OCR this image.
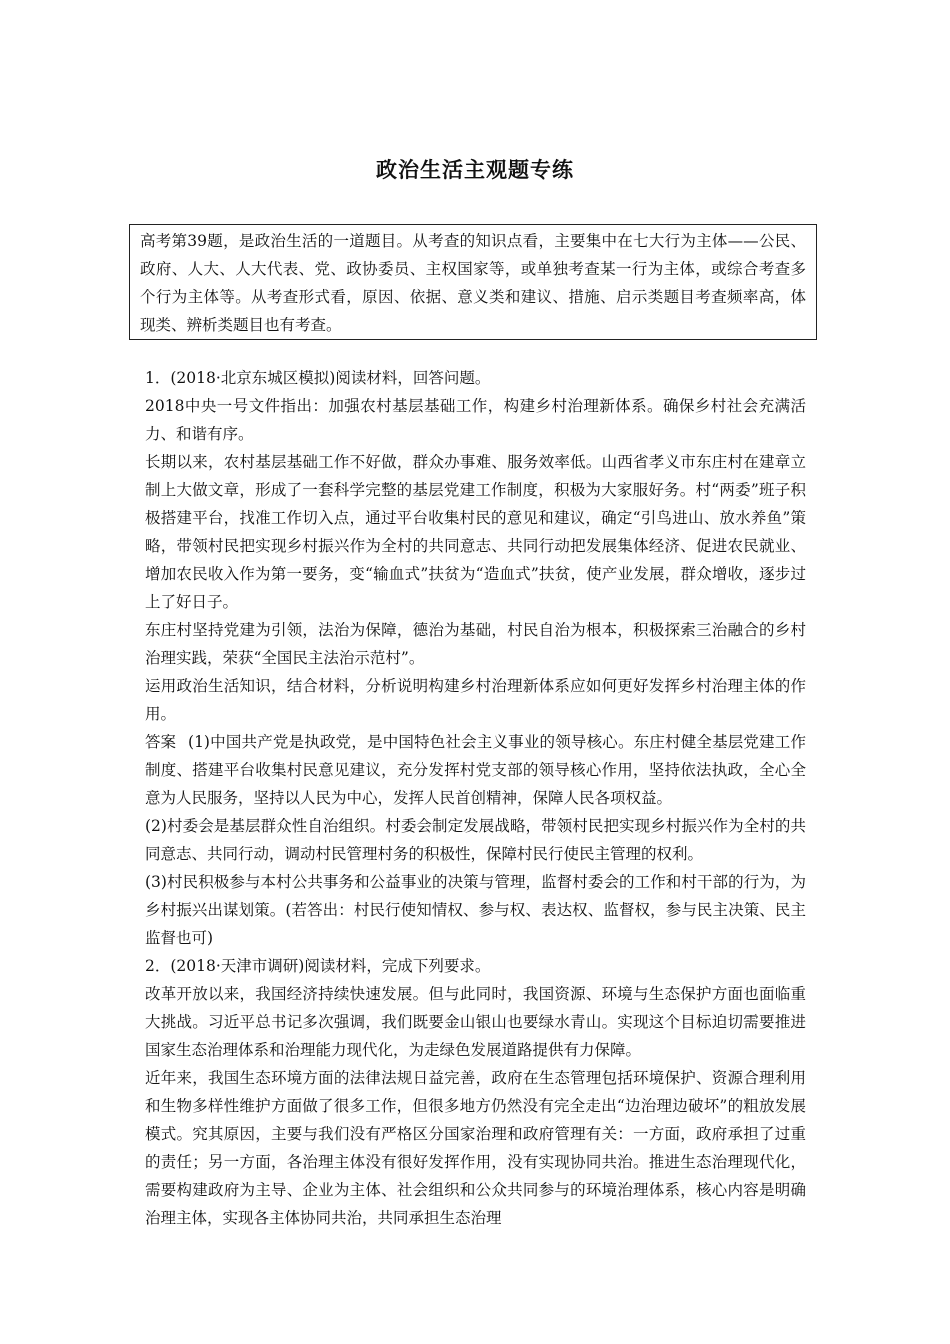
政治生活主观题专练

高考第39题，是政治生活的一道题目。从考查的知识点看，主要集中在七大行为主体——公民、政府、人大、人大代表、党、政协委员、主权国家等，或单独考查某一行为主体，或综合考查多个行为主体等。从考查形式看，原因、依据、意义类和建议、措施、启示类题目考查频率高，体现类、辨析类题目也有考查。

1．(2018·北京东城区模拟)阅读材料，回答问题。

2018中央一号文件指出：加强农村基层基础工作，构建乡村治理新体系。确保乡村社会充满活力、和谐有序。

长期以来，农村基层基础工作不好做，群众办事难、服务效率低。山西省孝义市东庄村在建章立制上大做文章，形成了一套科学完整的基层党建工作制度，积极为大家服好务。村“两委”班子积极搭建平台，找准工作切入点，通过平台收集村民的意见和建议，确定“引鸟进山、放水养鱼”策略，带领村民把实现乡村振兴作为全村的共同意志、共同行动把发展集体经济、促进农民就业、增加农民收入作为第一要务，变“输血式”扶贫为“造血式”扶贫，使产业发展，群众增收，逐步过上了好日子。

东庄村坚持党建为引领，法治为保障，德治为基础，村民自治为根本，积极探索三治融合的乡村治理实践，荣获“全国民主法治示范村”。

运用政治生活知识，结合材料，分析说明构建乡村治理新体系应如何更好发挥乡村治理主体的作用。

答案 (1)中国共产党是执政党，是中国特色社会主义事业的领导核心。东庄村健全基层党建工作制度、搭建平台收集村民意见建议，充分发挥村党支部的领导核心作用，坚持依法执政，全心全意为人民服务，坚持以人民为中心，发挥人民首创精神，保障人民各项权益。

(2)村委会是基层群众性自治组织。村委会制定发展战略，带领村民把实现乡村振兴作为全村的共同意志、共同行动，调动村民管理村务的积极性，保障村民行使民主管理的权利。

(3)村民积极参与本村公共事务和公益事业的决策与管理，监督村委会的工作和村干部的行为，为乡村振兴出谋划策。(若答出：村民行使知情权、参与权、表达权、监督权，参与民主决策、民主监督也可)

2．(2018·天津市调研)阅读材料，完成下列要求。

改革开放以来，我国经济持续快速发展。但与此同时，我国资源、环境与生态保护方面也面临重大挑战。习近平总书记多次强调，我们既要金山银山也要绿水青山。实现这个目标迫切需要推进国家生态治理体系和治理能力现代化，为走绿色发展道路提供有力保障。

近年来，我国生态环境方面的法律法规日益完善，政府在生态管理包括环境保护、资源合理利用和生物多样性维护方面做了很多工作，但很多地方仍然没有完全走出“边治理边破坏”的粗放发展模式。究其原因，主要与我们没有严格区分国家治理和政府管理有关：一方面，政府承担了过重的责任；另一方面，各治理主体没有很好发挥作用，没有实现协同共治。推进生态治理现代化，需要构建政府为主导、企业为主体、社会组织和公众共同参与的环境治理体系，核心内容是明确治理主体，实现各主体协同共治，共同承担生态治理
